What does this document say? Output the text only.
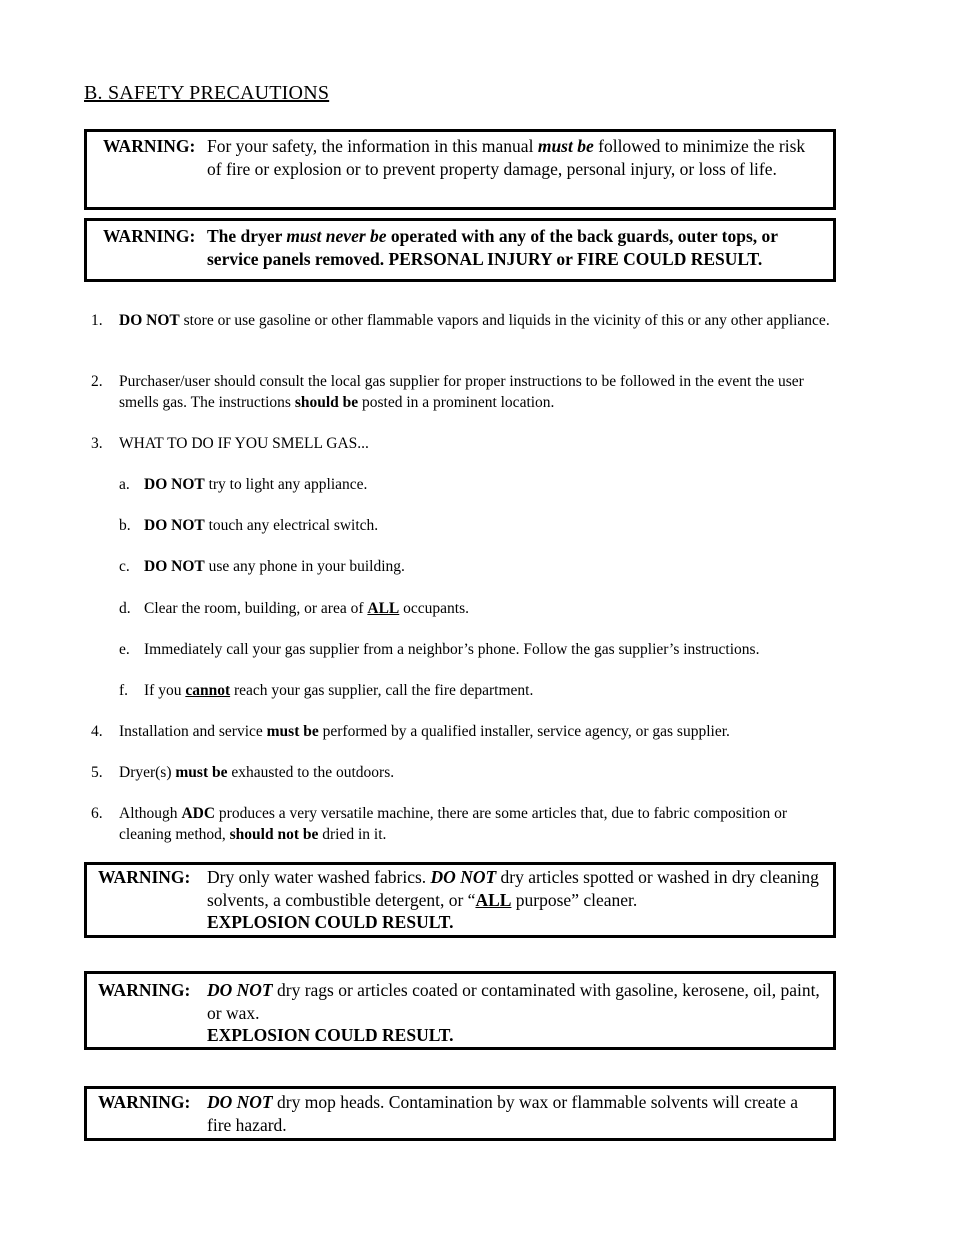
B. SAFETY PRECAUTIONS
WARNING: For your safety, the information in this manual must be followed to minimize the risk of fire or explosion or to prevent property damage, personal injury, or loss of life.
WARNING: The dryer must never be operated with any of the back guards, outer tops, or service panels removed. PERSONAL INJURY or FIRE COULD RESULT.
1. DO NOT store or use gasoline or other flammable vapors and liquids in the vicinity of this or any other appliance.
2. Purchaser/user should consult the local gas supplier for proper instructions to be followed in the event the user smells gas. The instructions should be posted in a prominent location.
3. WHAT TO DO IF YOU SMELL GAS...
a. DO NOT try to light any appliance.
b. DO NOT touch any electrical switch.
c. DO NOT use any phone in your building.
d. Clear the room, building, or area of ALL occupants.
e. Immediately call your gas supplier from a neighbor’s phone. Follow the gas supplier’s instructions.
f. If you cannot reach your gas supplier, call the fire department.
4. Installation and service must be performed by a qualified installer, service agency, or gas supplier.
5. Dryer(s) must be exhausted to the outdoors.
6. Although ADC produces a very versatile machine, there are some articles that, due to fabric composition or cleaning method, should not be dried in it.
WARNING: Dry only water washed fabrics. DO NOT dry articles spotted or washed in dry cleaning solvents, a combustible detergent, or “ALL purpose” cleaner.
EXPLOSION COULD RESULT.
WARNING: DO NOT dry rags or articles coated or contaminated with gasoline, kerosene, oil, paint, or wax.
EXPLOSION COULD RESULT.
WARNING: DO NOT dry mop heads. Contamination by wax or flammable solvents will create a fire hazard.
